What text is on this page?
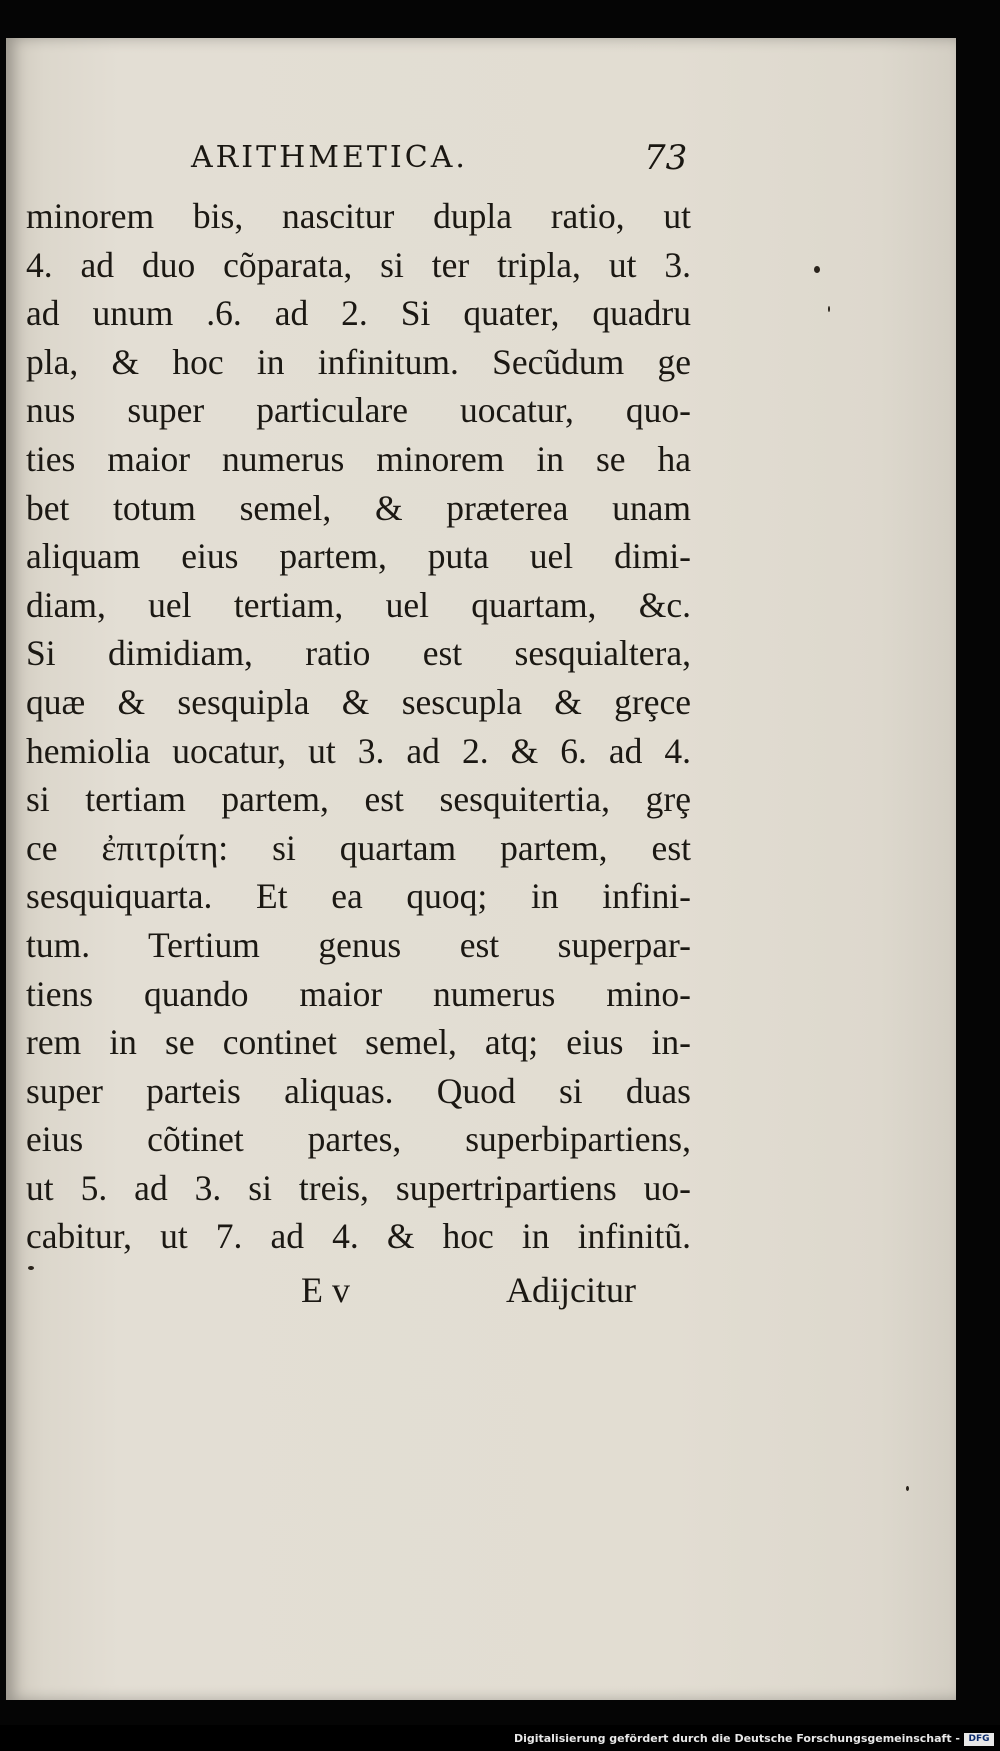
ARITHMETICA.	73
minorem bis, nascitur dupla ratio, ut
4. ad duo cõparata, si ter tripla, ut 3.
ad unum .6. ad 2. Si quater, quadru
pla, & hoc in infinitum. Secũdum ge
nus super particulare uocatur, quo-
ties maior numerus minorem in se ha
bet totum semel, & prӕterea unam
aliquam eius partem, puta uel dimi-
diam, uel tertiam, uel quartam, &c.
Si dimidiam, ratio est sesquialtera,
quӕ & sesquipla & sescupla & grȩce
hemiolia uocatur, ut 3. ad 2. & 6. ad 4.
si tertiam partem, est sesquitertia, grȩ
ce ἐπιτρίτη: si quartam partem, est
sesquiquarta. Et ea quoq; in infini-
tum. Tertium genus est superpar-
tiens quando maior numerus mino-
rem in se continet semel, atq; eius in-
super parteis aliquas. Quod si duas
eius cõtinet partes, superbipartiens,
ut 5. ad 3. si treis, supertripartiens uo-
cabitur, ut 7. ad 4. & hoc in infinitũ.
E v	Adijcitur
Digitalisierung gefördert durch die Deutsche Forschungsgemeinschaft - DFG
